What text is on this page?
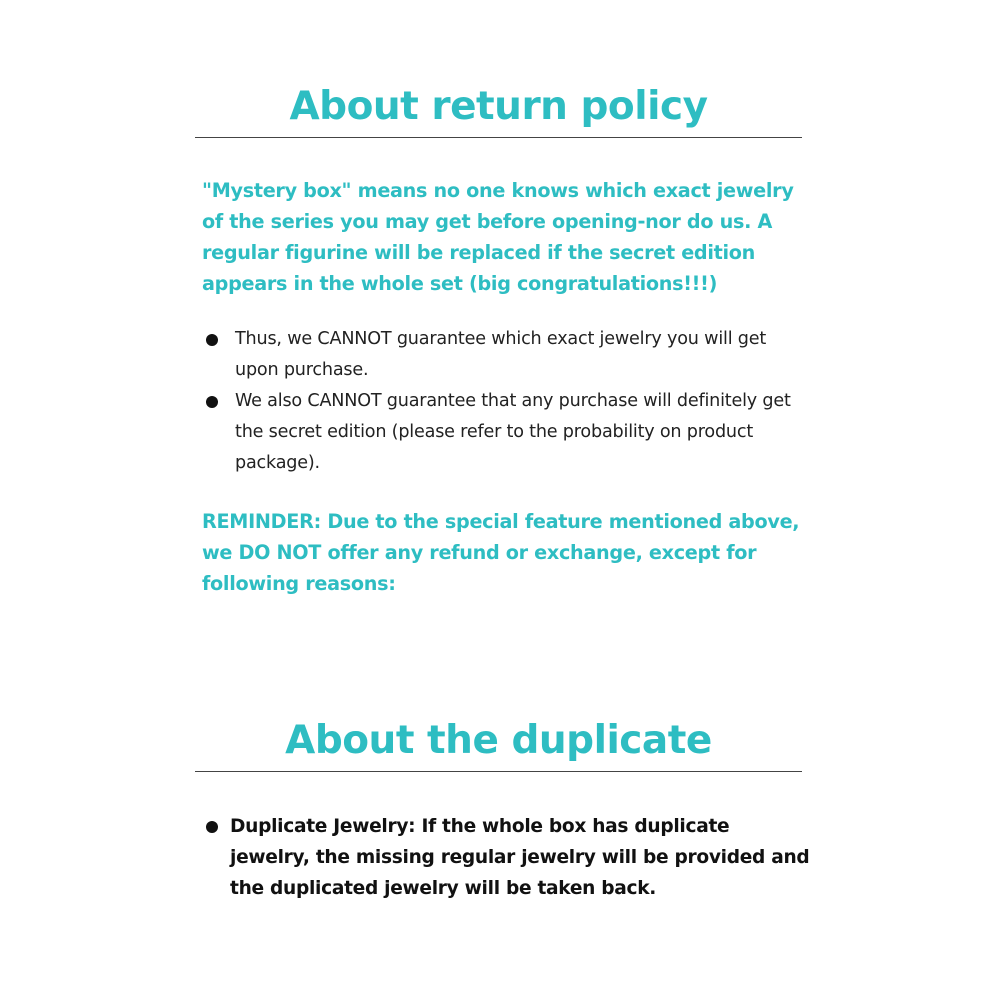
About return policy

"Mystery box" means no one knows which exact jewelry of the series you may get before opening-nor do us. A regular figurine will be replaced if the secret edition appears in the whole set (big congratulations!!!)

Thus, we CANNOT guarantee which exact jewelry you will get upon purchase.
We also CANNOT guarantee that any purchase will definitely get the secret edition (please refer to the probability on product package).

REMINDER: Due to the special feature mentioned above, we DO NOT offer any refund or exchange, except for following reasons:

About the duplicate
Duplicate Jewelry: If the whole box has duplicate jewelry, the missing regular jewelry will be provided and the duplicated jewelry will be taken back.
